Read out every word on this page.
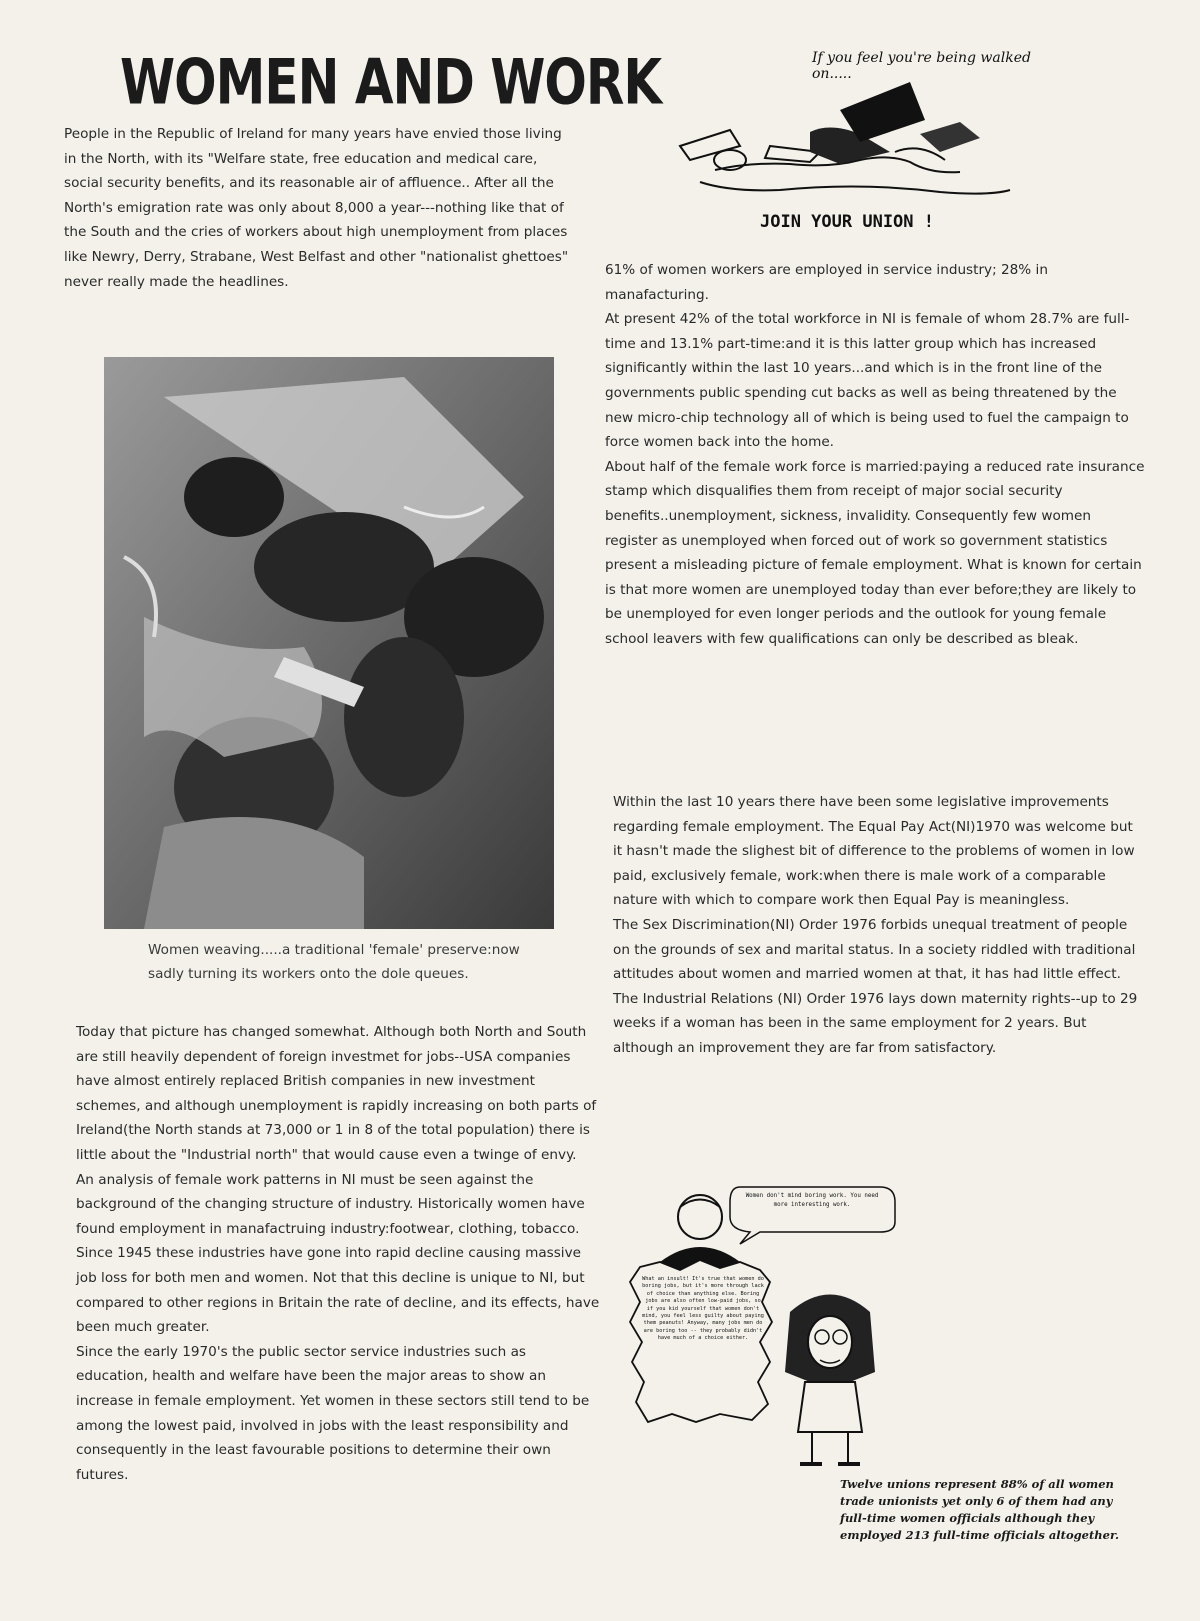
WOMEN AND WORK	If you feel you're being walked on.....

JOIN YOUR UNION !

People in the Republic of Ireland for many years have envied those living in the North, with its "Welfare state, free education and medical care, social security benefits, and its reasonable air of affluence.. After all the North's emigration rate was only about 8,000 a year---nothing like that of the South and the cries of workers about high unemployment from places like Newry, Derry, Strabane, West Belfast and other "nationalist ghettoes" never really made the headlines.

Women weaving.....a traditional 'female' preserve:now sadly turning its workers onto the dole queues.

Today that picture has changed somewhat. Although both North and South are still heavily dependent of foreign investmet for jobs--USA companies have almost entirely replaced British companies in new investment schemes, and although unemployment is rapidly increasing on both parts of Ireland(the North stands at 73,000 or 1 in 8 of the total population) there is little about the "Industrial north" that would cause even a twinge of envy.

An analysis of female work patterns in NI must be seen against the background of the changing structure of industry. Historically women have found employment in manafactruing industry:footwear, clothing, tobacco. Since 1945 these industries have gone into rapid decline causing massive job loss for both men and women. Not that this decline is unique to NI, but compared to other regions in Britain the rate of decline, and its effects, have been much greater.

Since the early 1970's the public sector service industries such as education, health and welfare have been the major areas to show an increase in female employment. Yet women in these sectors still tend to be among the lowest paid, involved in jobs with the least responsibility and consequently in the least favourable positions to determine their own futures.

61% of women workers are employed in service industry; 28% in manafacturing.

At present 42% of the total workforce in NI is female of whom 28.7% are full-time and 13.1% part-time:and it is this latter group which has increased significantly within the last 10 years...and which is in the front line of the governments public spending cut backs as well as being threatened by the new micro-chip technology all of which is being used to fuel the campaign to force women back into the home.

About half of the female work force is married:paying a reduced rate insurance stamp which disqualifies them from receipt of major social security benefits..unemployment, sickness, invalidity. Consequently few women register as unemployed when forced out of work so government statistics present a misleading picture of female employment. What is known for certain is that more women are unemployed today than ever before;they are likely to be unemployed for even longer periods and the outlook for young female school leavers with few qualifications can only be described as bleak.

Within the last 10 years there have been some legislative improvements regarding female employment. The Equal Pay Act(NI)1970 was welcome but it hasn't made the slighest bit of difference to the problems of women in low paid, exclusively female, work:when there is male work of a comparable nature with which to compare work then Equal Pay is meaningless.

The Sex Discrimination(NI) Order 1976 forbids unequal treatment of people on the grounds of sex and marital status. In a society riddled with traditional attitudes about women and married women at that, it has had little effect. The Industrial Relations (NI) Order 1976 lays down maternity rights--up to 29 weeks if a woman has been in the same employment for 2 years. But although an improvement they are far from satisfactory.

Women don't mind boring work. You need more interesting work.

What an insult! It's true that women do boring jobs, but it's more through lack of choice than anything else. Boring jobs are also often low-paid jobs, so if you kid yourself that women don't mind, you feel less guilty about paying them peanuts! Anyway, many jobs men do are boring too -- they probably didn't have much of a choice either.

Twelve unions represent 88% of all women trade unionists yet only 6 of them had any full-time women officials although they employed 213 full-time officials altogether.
